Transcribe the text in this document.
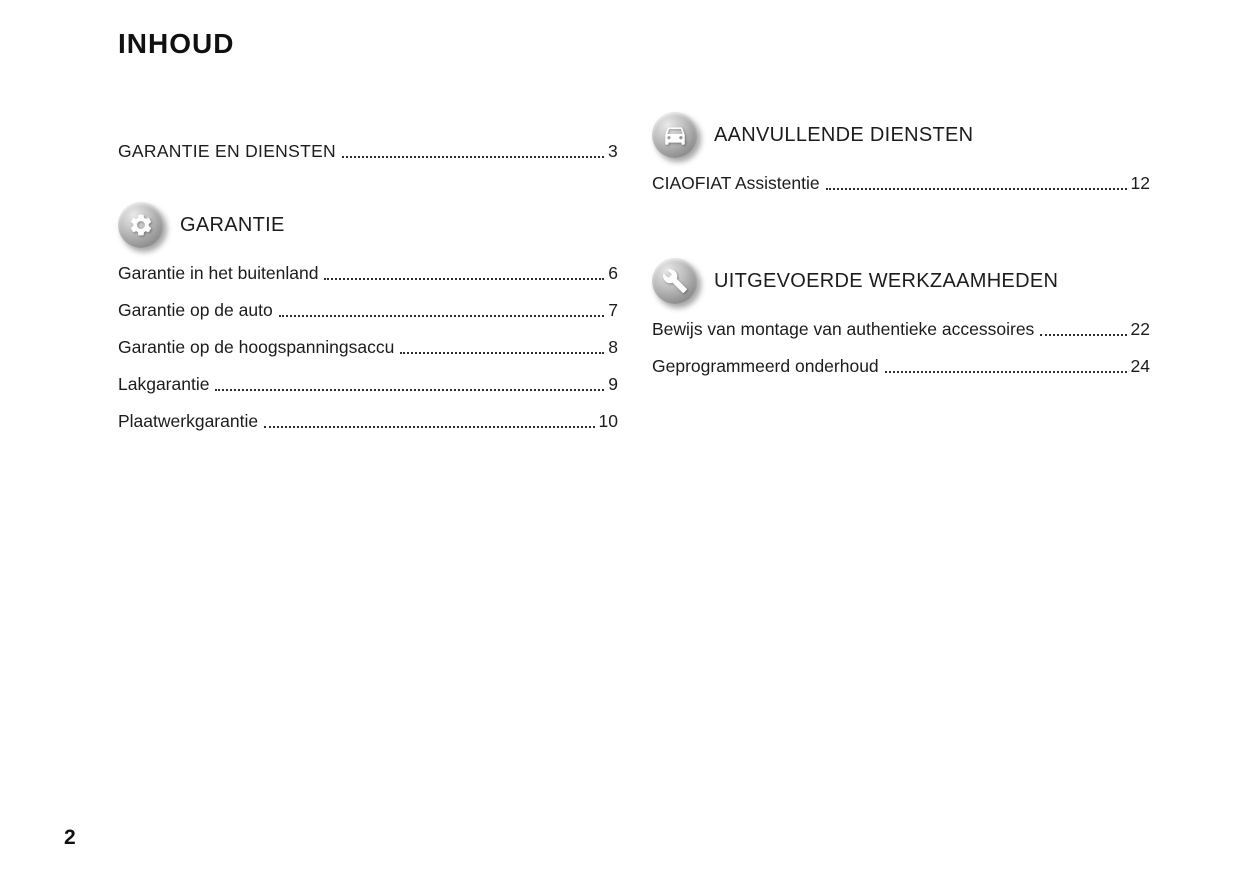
INHOUD
GARANTIE EN DIENSTEN	3
GARANTIE
Garantie in het buitenland	6
Garantie op de auto	7
Garantie op de hoogspanningsaccu	8
Lakgarantie	9
Plaatwerkgarantie	10
AANVULLENDE DIENSTEN
CIAOFIAT Assistentie	12
UITGEVOERDE WERKZAAMHEDEN
Bewijs van montage van authentieke accessoires	22
Geprogrammeerd onderhoud	24
2
